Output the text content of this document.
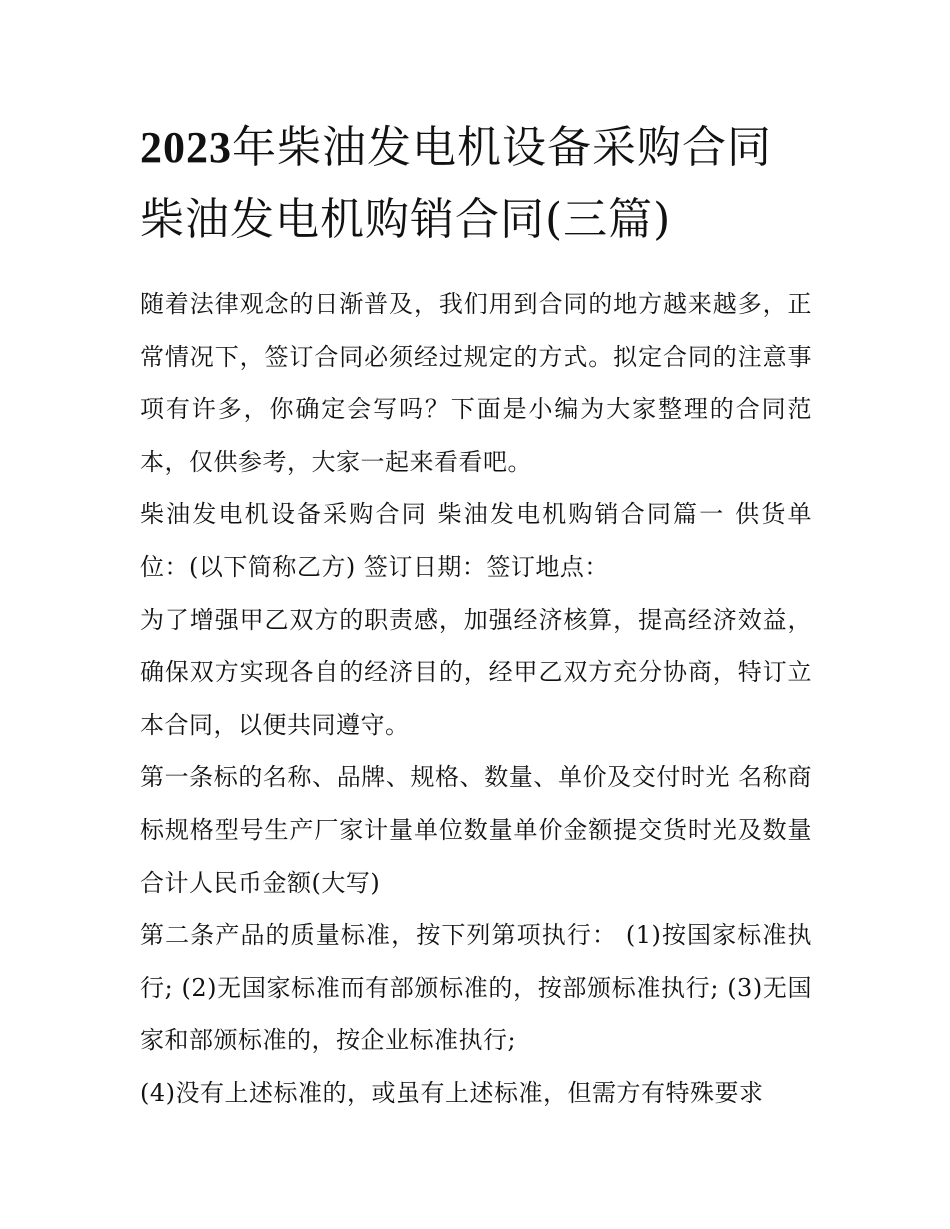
2023年柴油发电机设备采购合同 柴油发电机购销合同(三篇)

随着法律观念的日渐普及，我们用到合同的地方越来越多，正常情况下，签订合同必须经过规定的方式。拟定合同的注意事项有许多，你确定会写吗？下面是小编为大家整理的合同范本，仅供参考，大家一起来看看吧。

柴油发电机设备采购合同 柴油发电机购销合同篇一 供货单位：(以下简称乙方) 签订日期：签订地点：

为了增强甲乙双方的职责感，加强经济核算，提高经济效益，确保双方实现各自的经济目的，经甲乙双方充分协商，特订立本合同，以便共同遵守。

第一条标的名称、品牌、规格、数量、单价及交付时光 名称商标规格型号生产厂家计量单位数量单价金额提交货时光及数量合计人民币金额(大写)

第二条产品的质量标准，按下列第项执行： (1)按国家标准执行; (2)无国家标准而有部颁标准的，按部颁标准执行; (3)无国家和部颁标准的，按企业标准执行;

(4)没有上述标准的，或虽有上述标准，但需方有特殊要求
